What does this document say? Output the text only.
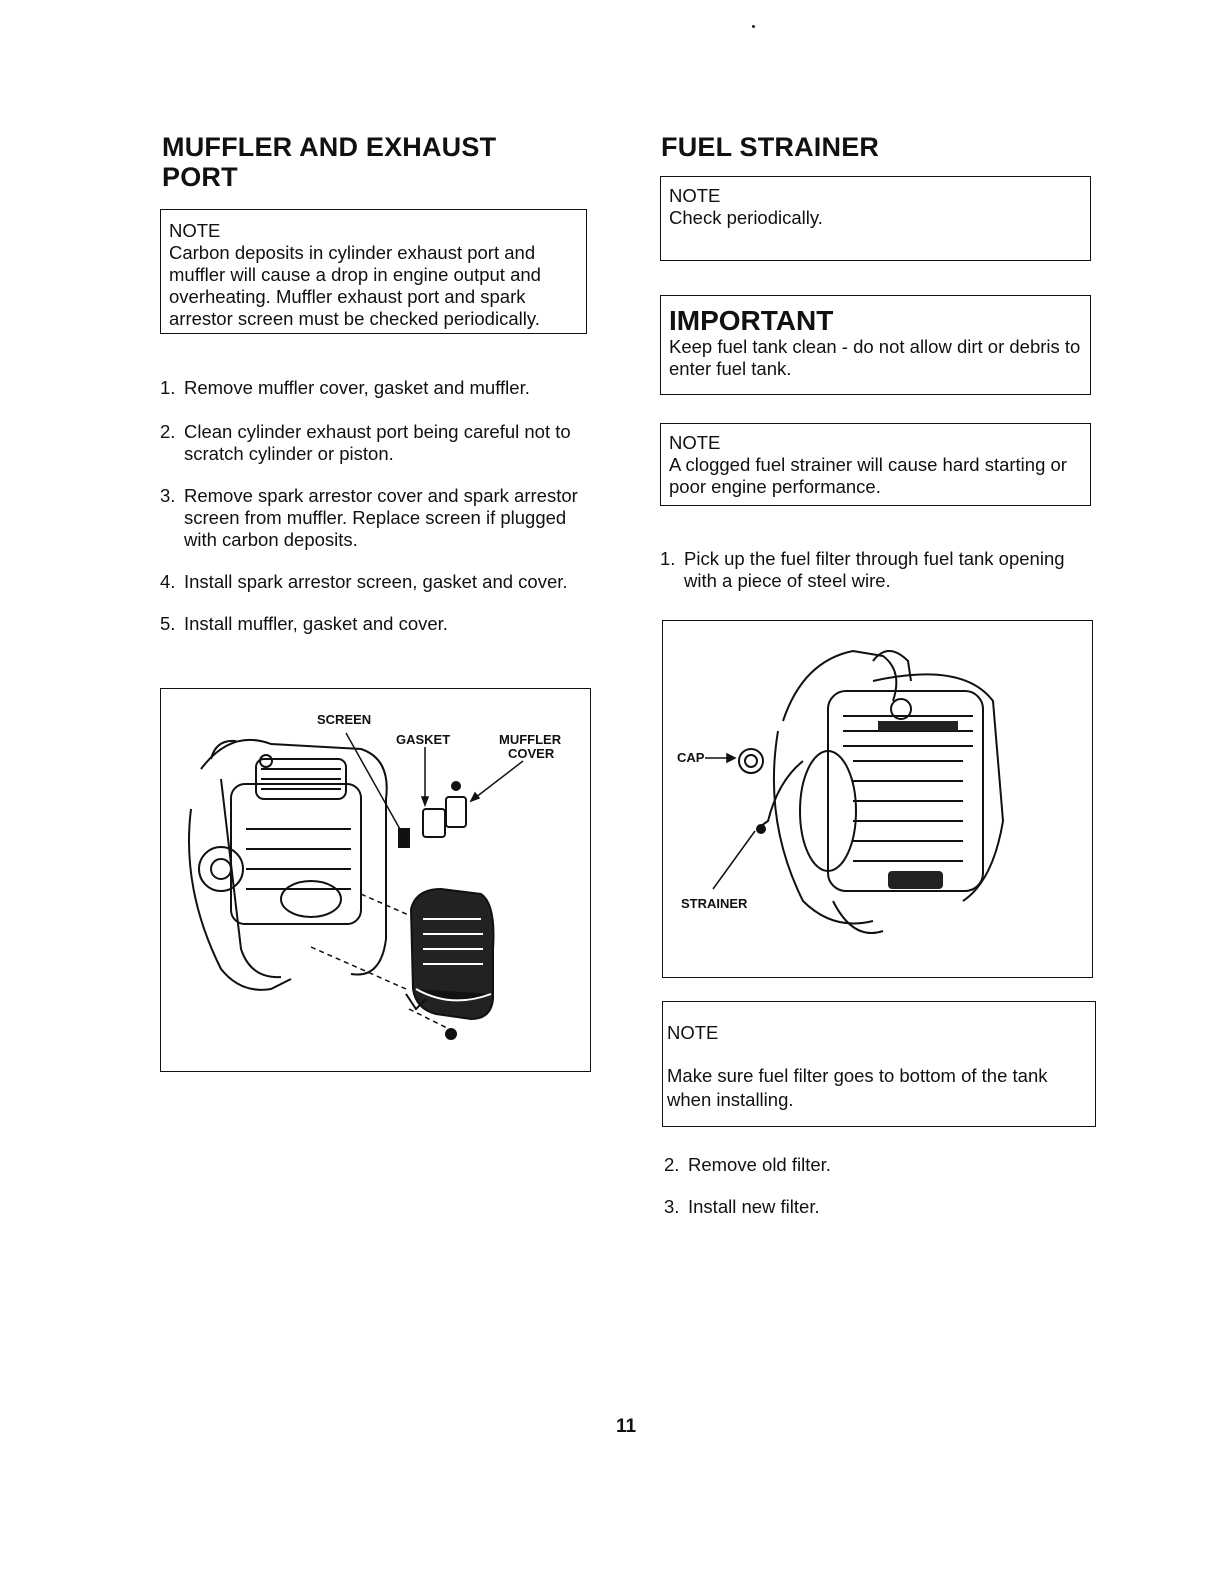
MUFFLER AND EXHAUST
PORT
NOTE
Carbon deposits in cylinder exhaust port and muffler will cause a drop in engine output and overheating. Muffler exhaust port and spark arrestor screen must be checked periodically.
1. Remove muffler cover, gasket and muffler.
2. Clean cylinder exhaust port being careful not to scratch cylinder or piston.
3. Remove spark arrestor cover and spark arrestor screen from muffler. Replace screen if plugged with carbon deposits.
4. Install spark arrestor screen, gasket and cover.
5. Install muffler, gasket and cover.
SCREEN
GASKET	MUFFLER
COVER
FUEL STRAINER
NOTE
Check periodically.
IMPORTANT
Keep fuel tank clean - do not allow dirt or debris to enter fuel tank.
NOTE
A clogged fuel strainer will cause hard starting or poor engine performance.
1. Pick up the fuel filter through fuel tank opening with a piece of steel wire.
CAP
STRAINER
NOTE
Make sure fuel filter goes to bottom of the tank when installing.
2. Remove old filter.
3. Install new filter.
11
